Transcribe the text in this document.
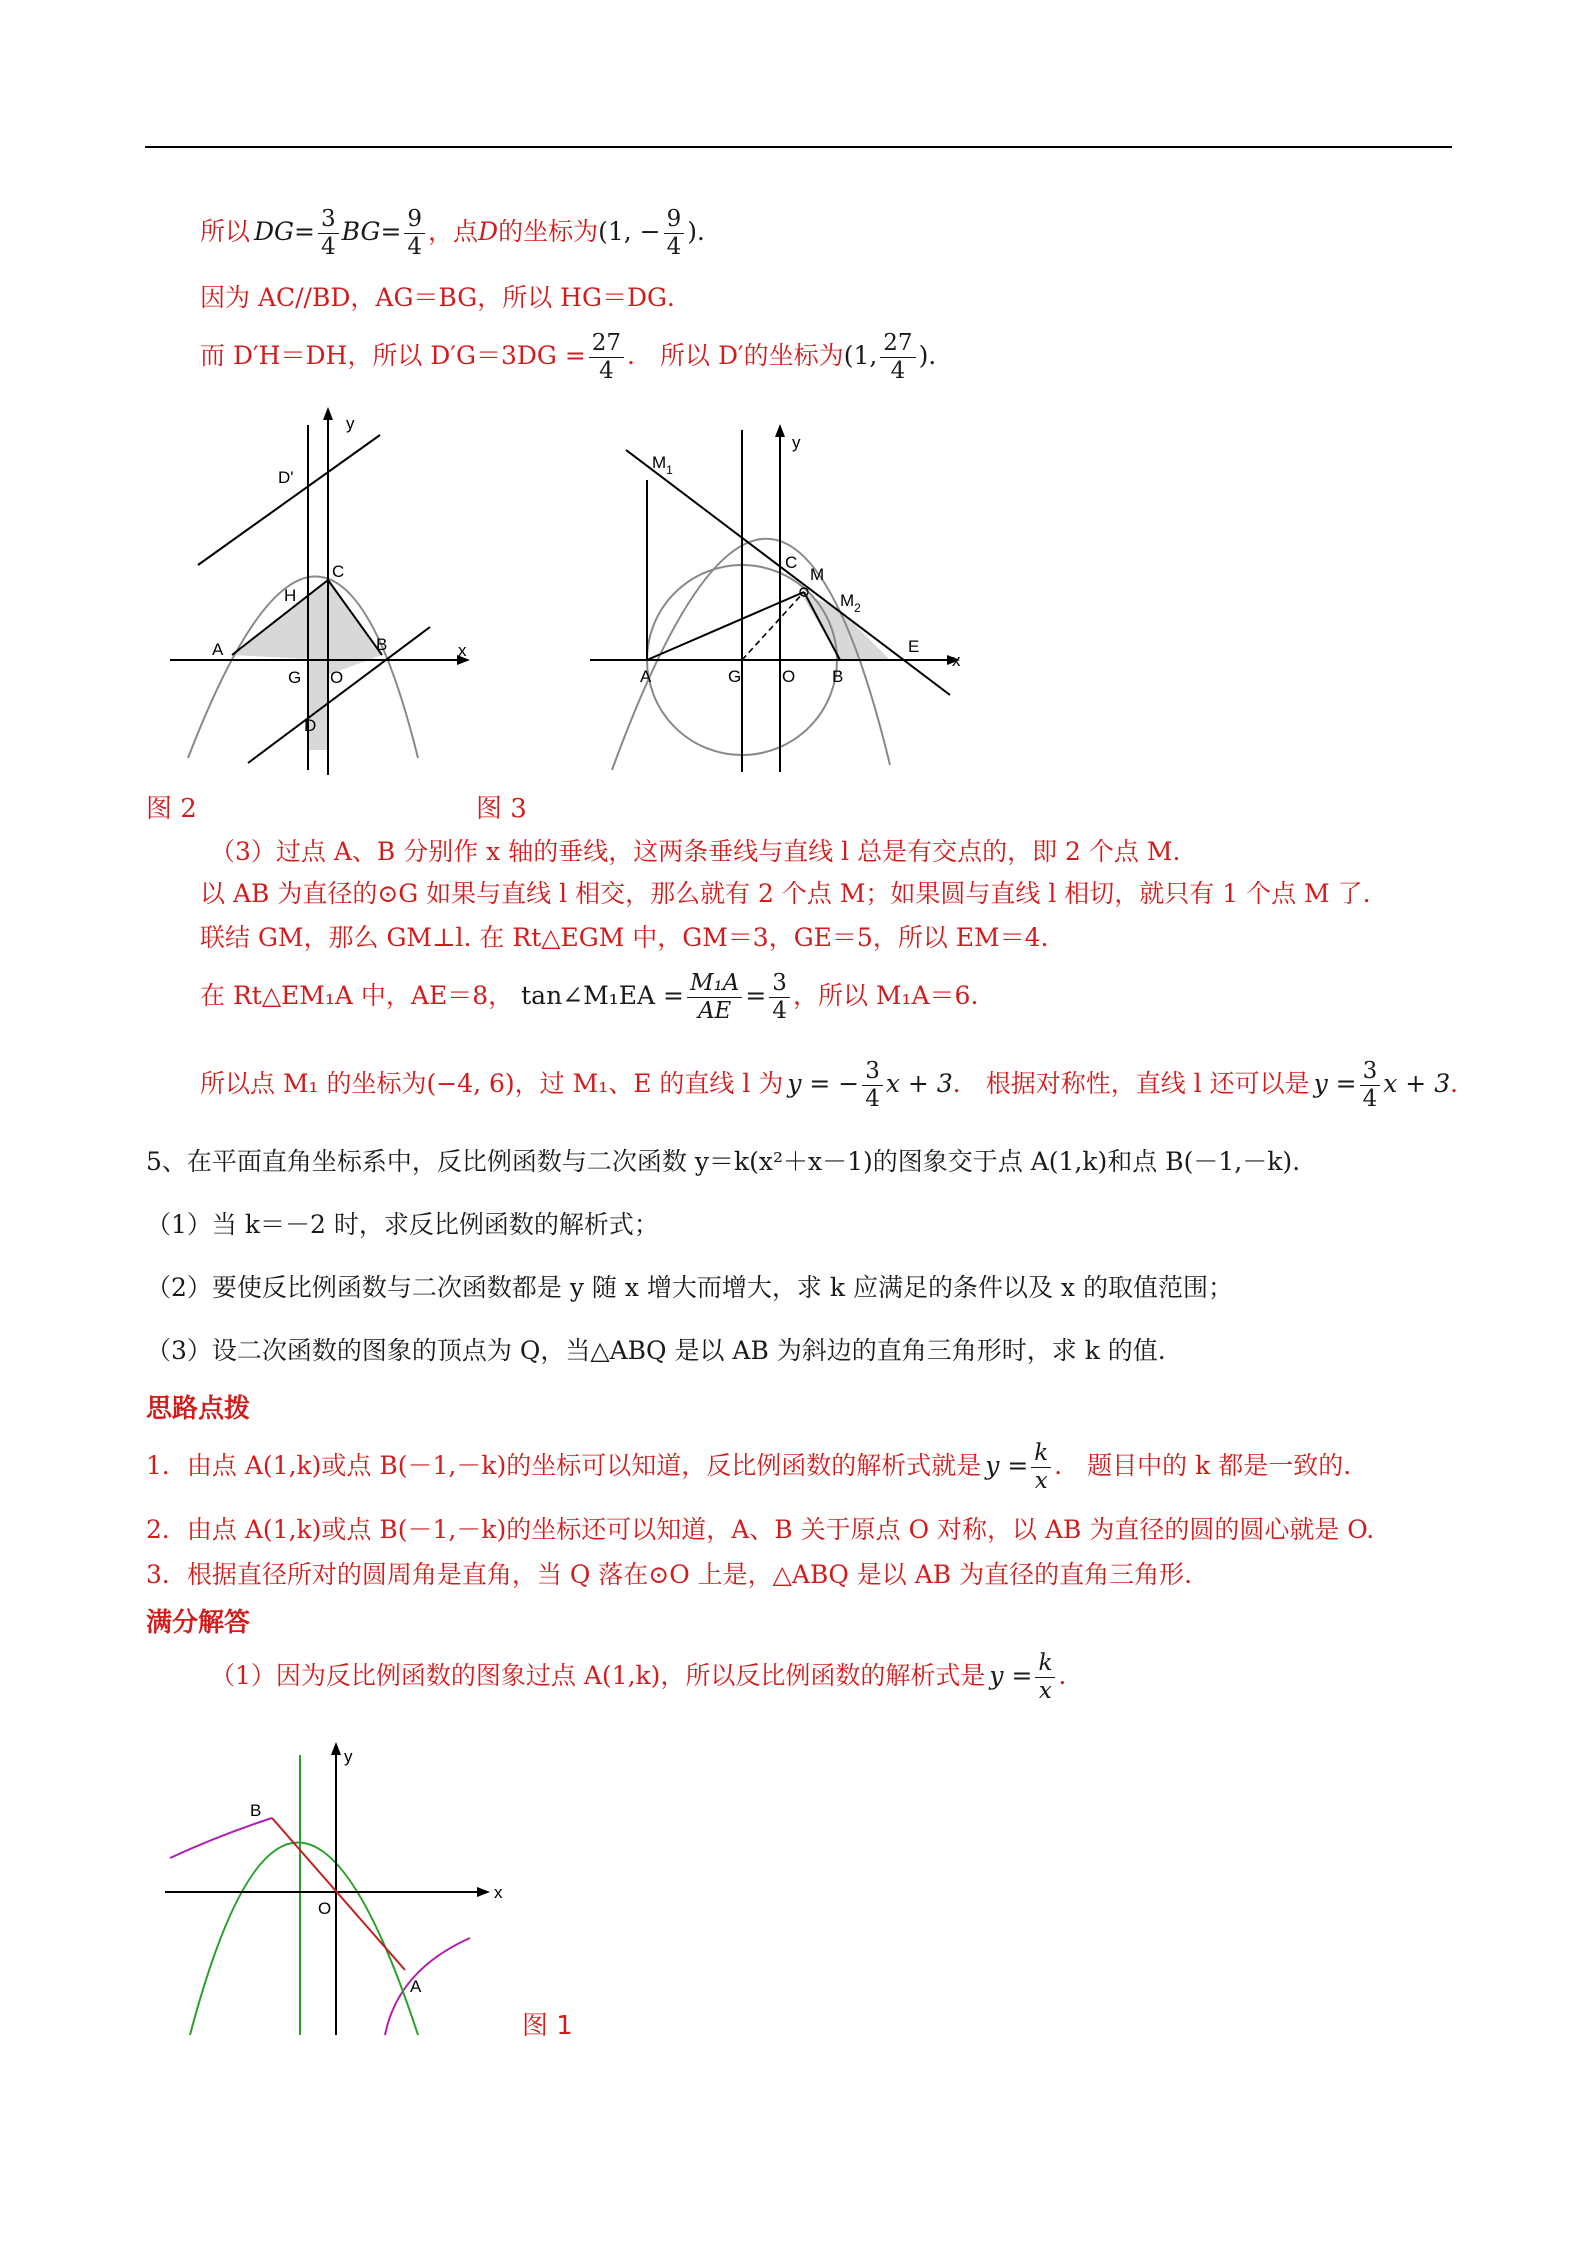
所以 $DG= \frac{3}{4} BG= \frac{9}{4}$ ，点D的坐标为(1, − $\frac{9}{4}$ )．
因为 AC//BD，AG＝BG，所以 HG＝DG．
而 D′H＝DH，所以 $D'G=3DG = \frac{27}{4}$ ． 所以 D′的坐标为(1, $\frac{27}{4}$ )．
y
x
D'
C
H
A	B
G O
D
y
x
$M_1$
C
M
$M_2$
A	G O B
E
图 2	图 3
（3）过点 A、B 分别作 x 轴的垂线，这两条垂线与直线 l 总是有交点的，即 2 个点 M.
以 AB 为直径的⊙G 如果与直线 l 相交，那么就有 2 个点 M；如果圆与直线 l 相切，就只有 1 个点 M 了.
联结 GM，那么 GM⊥l. 在 Rt△EGM 中，GM＝3，GE＝5，所以 EM＝4.
在 Rt△EM₁A 中，AE＝8， tan∠M₁EA = $\frac{\text{M₁A}}{AE} = \frac{3}{4}$ ，所以 M₁A＝6.
所以点 M₁ 的坐标为(−4, 6)，过 M₁、E 的直线 l 为 y = − $\frac{3}{4}$ x + 3． 根据对称性，直线 l 还可以是 $y = \frac{3}{4}$ x + 3．
5、在平面直角坐标系中，反比例函数与二次函数 y＝k(x²＋x－1)的图象交于点 A(1,k)和点 B(－1,－k).
（1）当 k＝－2 时，求反比例函数的解析式；
（2）要使反比例函数与二次函数都是 y 随 x 增大而增大，求 k 应满足的条件以及 x 的取值范围；
（3）设二次函数的图象的顶点为 Q，当△ABQ 是以 AB 为斜边的直角三角形时，求 k 的值.
思路点拨
1．由点 A(1,k)或点 B(－1,－k)的坐标可以知道，反比例函数的解析式就是 $y = \frac{k}{x}$ ． 题目中的 k 都是一致的.
2．由点 A(1,k)或点 B(－1,－k)的坐标还可以知道，A、B 关于原点 O 对称，以 AB 为直径的圆的圆心就是 O.
3．根据直径所对的圆周角是直角，当 Q 落在⊙O 上是，△ABQ 是以 AB 为直径的直角三角形.
满分解答
（1）因为反比例函数的图象过点 A(1,k)，所以反比例函数的解析式是 $y = \frac{k}{x}$ .
y
x
B
O
A
图 1
